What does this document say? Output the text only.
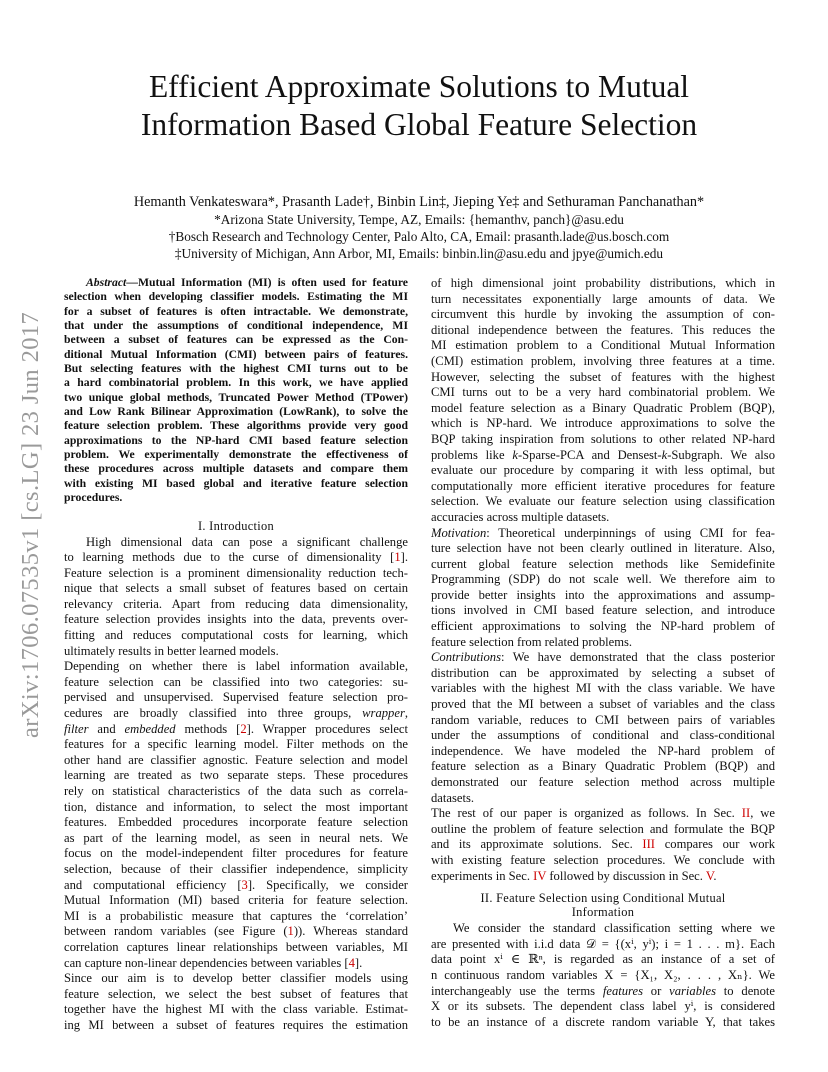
arXiv:1706.07535v1 [cs.LG] 23 Jun 2017
Efficient Approximate Solutions to Mutual
Information Based Global Feature Selection
Hemanth Venkateswara*, Prasanth Lade†, Binbin Lin‡, Jieping Ye‡ and Sethuraman Panchanathan*
*Arizona State University, Tempe, AZ, Emails: {hemanthv, panch}@asu.edu
†Bosch Research and Technology Center, Palo Alto, CA, Email: prasanth.lade@us.bosch.com
‡University of Michigan, Ann Arbor, MI, Emails: binbin.lin@asu.edu and jpye@umich.edu
Abstract—Mutual Information (MI) is often used for feature
selection when developing classifier models. Estimating the MI
for a subset of features is often intractable. We demonstrate,
that under the assumptions of conditional independence, MI
between a subset of features can be expressed as the Con-
ditional Mutual Information (CMI) between pairs of features.
But selecting features with the highest CMI turns out to be
a hard combinatorial problem. In this work, we have applied
two unique global methods, Truncated Power Method (TPower)
and Low Rank Bilinear Approximation (LowRank), to solve the
feature selection problem. These algorithms provide very good
approximations to the NP-hard CMI based feature selection
problem. We experimentally demonstrate the effectiveness of
these procedures across multiple datasets and compare them
with existing MI based global and iterative feature selection
procedures.
I. Introduction
High dimensional data can pose a significant challenge
to learning methods due to the curse of dimensionality [1].
Feature selection is a prominent dimensionality reduction tech-
nique that selects a small subset of features based on certain
relevancy criteria. Apart from reducing data dimensionality,
feature selection provides insights into the data, prevents over-
fitting and reduces computational costs for learning, which
ultimately results in better learned models.
Depending on whether there is label information available,
feature selection can be classified into two categories: su-
pervised and unsupervised. Supervised feature selection pro-
cedures are broadly classified into three groups, wrapper,
filter and embedded methods [2]. Wrapper procedures select
features for a specific learning model. Filter methods on the
other hand are classifier agnostic. Feature selection and model
learning are treated as two separate steps. These procedures
rely on statistical characteristics of the data such as correla-
tion, distance and information, to select the most important
features. Embedded procedures incorporate feature selection
as part of the learning model, as seen in neural nets. We
focus on the model-independent filter procedures for feature
selection, because of their classifier independence, simplicity
and computational efficiency [3]. Specifically, we consider
Mutual Information (MI) based criteria for feature selection.
MI is a probabilistic measure that captures the ‘correlation’
between random variables (see Figure (1)). Whereas standard
correlation captures linear relationships between variables, MI
can capture non-linear dependencies between variables [4].
Since our aim is to develop better classifier models using
feature selection, we select the best subset of features that
together have the highest MI with the class variable. Estimat-
ing MI between a subset of features requires the estimation
of high dimensional joint probability distributions, which in
turn necessitates exponentially large amounts of data. We
circumvent this hurdle by invoking the assumption of con-
ditional independence between the features. This reduces the
MI estimation problem to a Conditional Mutual Information
(CMI) estimation problem, involving three features at a time.
However, selecting the subset of features with the highest
CMI turns out to be a very hard combinatorial problem. We
model feature selection as a Binary Quadratic Problem (BQP),
which is NP-hard. We introduce approximations to solve the
BQP taking inspiration from solutions to other related NP-hard
problems like k-Sparse-PCA and Densest-k-Subgraph. We also
evaluate our procedure by comparing it with less optimal, but
computationally more efficient iterative procedures for feature
selection. We evaluate our feature selection using classification
accuracies across multiple datasets.
Motivation: Theoretical underpinnings of using CMI for fea-
ture selection have not been clearly outlined in literature. Also,
current global feature selection methods like Semidefinite
Programming (SDP) do not scale well. We therefore aim to
provide better insights into the approximations and assump-
tions involved in CMI based feature selection, and introduce
efficient approximations to solving the NP-hard problem of
feature selection from related problems.
Contributions: We have demonstrated that the class posterior
distribution can be approximated by selecting a subset of
variables with the highest MI with the class variable. We have
proved that the MI between a subset of variables and the class
random variable, reduces to CMI between pairs of variables
under the assumptions of conditional and class-conditional
independence. We have modeled the NP-hard problem of
feature selection as a Binary Quadratic Problem (BQP) and
demonstrated our feature selection method across multiple
datasets.
The rest of our paper is organized as follows. In Sec. II, we
outline the problem of feature selection and formulate the BQP
and its approximate solutions. Sec. III compares our work
with existing feature selection procedures. We conclude with
experiments in Sec. IV followed by discussion in Sec. V.
II. Feature Selection using Conditional Mutual
Information
We consider the standard classification setting where we
are presented with i.i.d data 𝒟 = {(xⁱ, yⁱ); i = 1 . . . m}. Each
data point xⁱ ∈ ℝⁿ, is regarded as an instance of a set of
n continuous random variables X = {X₁, X₂, . . . , Xₙ}. We
interchangeably use the terms features or variables to denote
X or its subsets. The dependent class label yⁱ, is considered
to be an instance of a discrete random variable Y, that takes
